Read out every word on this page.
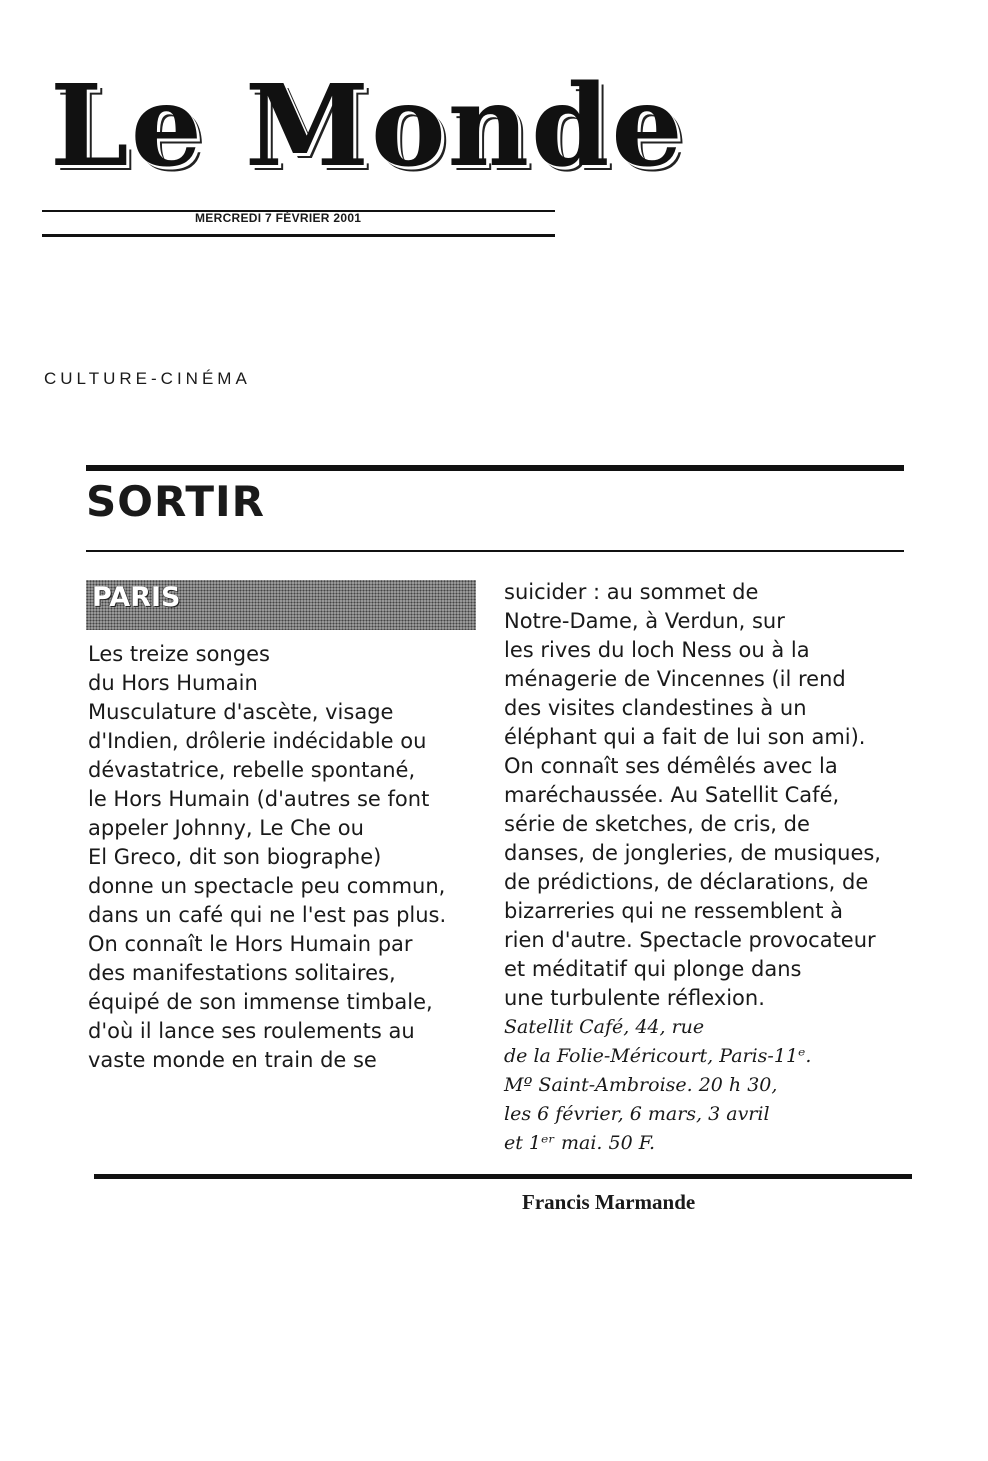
Le Monde
MERCREDI 7 FÉVRIER 2001
CULTURE-CINÉMA
SORTIR
PARIS
Les treize songes
du Hors Humain
Musculature d'ascète, visage
d'Indien, drôlerie indécidable ou
dévastatrice, rebelle spontané,
le Hors Humain (d'autres se font
appeler Johnny, Le Che ou
El Greco, dit son biographe)
donne un spectacle peu commun,
dans un café qui ne l'est pas plus.
On connaît le Hors Humain par
des manifestations solitaires,
équipé de son immense timbale,
d'où il lance ses roulements au
vaste monde en train de se
suicider : au sommet de
Notre-Dame, à Verdun, sur
les rives du loch Ness ou à la
ménagerie de Vincennes (il rend
des visites clandestines à un
éléphant qui a fait de lui son ami).
On connaît ses démêlés avec la
maréchaussée. Au Satellit Café,
série de sketches, de cris, de
danses, de jongleries, de musiques,
de prédictions, de déclarations, de
bizarreries qui ne ressemblent à
rien d'autre. Spectacle provocateur
et méditatif qui plonge dans
une turbulente réflexion.
Satellit Café, 44, rue
de la Folie-Méricourt, Paris-11ᵉ.
Mº Saint-Ambroise. 20 h 30,
les 6 février, 6 mars, 3 avril
et 1ᵉʳ mai. 50 F.
Francis Marmande
